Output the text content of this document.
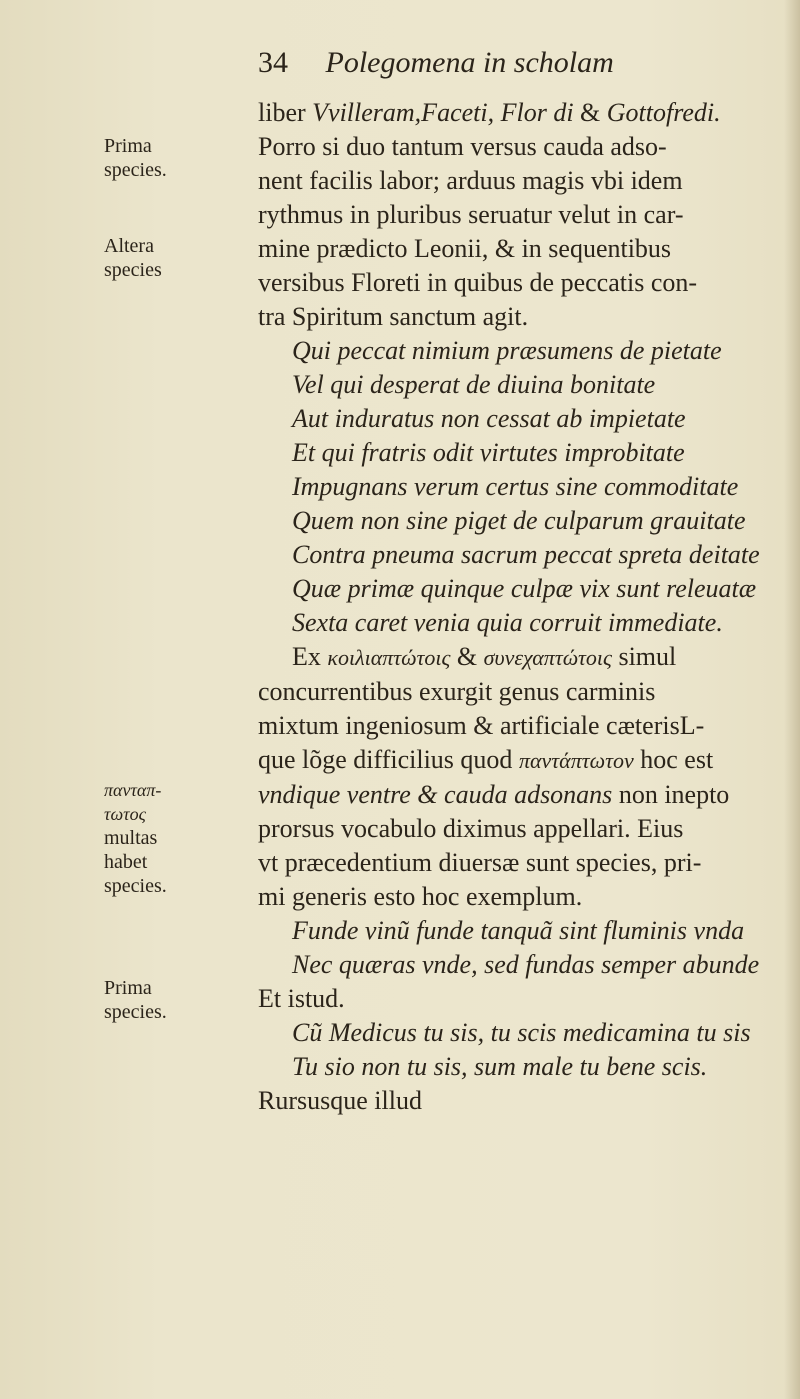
34 Polegomena in scholam
Prima
species.
Altera
species
πανταπ-
τωτος
multas
habet
species.
Prima
species.
liber Vvilleram,Faceti, Flor di & Gottofredi.
Porro si duo tantum versus cauda adso-
nent facilis labor; arduus magis vbi idem
rythmus in pluribus seruatur velut in car-
mine prædicto Leonii, & in sequentibus
versibus Floreti in quibus de peccatis con-
tra Spiritum sanctum agit.
Qui peccat nimium præsumens de pietate
Vel qui desperat de diuina bonitate
Aut induratus non cessat ab impietate
Et qui fratris odit virtutes improbitate
Impugnans verum certus sine commoditate
Quem non sine piget de culparum grauitate
Contra pneuma sacrum peccat spreta deitate
Quæ primæ quinque culpæ vix sunt releuatæ
Sexta caret venia quia corruit immediate.
Ex κοιλιαπτώτοις & συνεχαπτώτοις simul
concurrentibus exurgit genus carminis
mixtum ingeniosum & artificiale cæterisL-
que lõge difficilius quod παντάπτωτον hoc est
vndique ventre & cauda adsonans non inepto
prorsus vocabulo diximus appellari. Eius
vt præcedentium diuersæ sunt species, pri-
mi generis esto hoc exemplum.
Funde vinũ funde tanquã sint fluminis vnda
Nec quæras vnde, sed fundas semper abunde
Et istud.
Cũ Medicus tu sis, tu scis medicamina tu sis
Tu sio non tu sis, sum male tu bene scis.
Rursusque illud
